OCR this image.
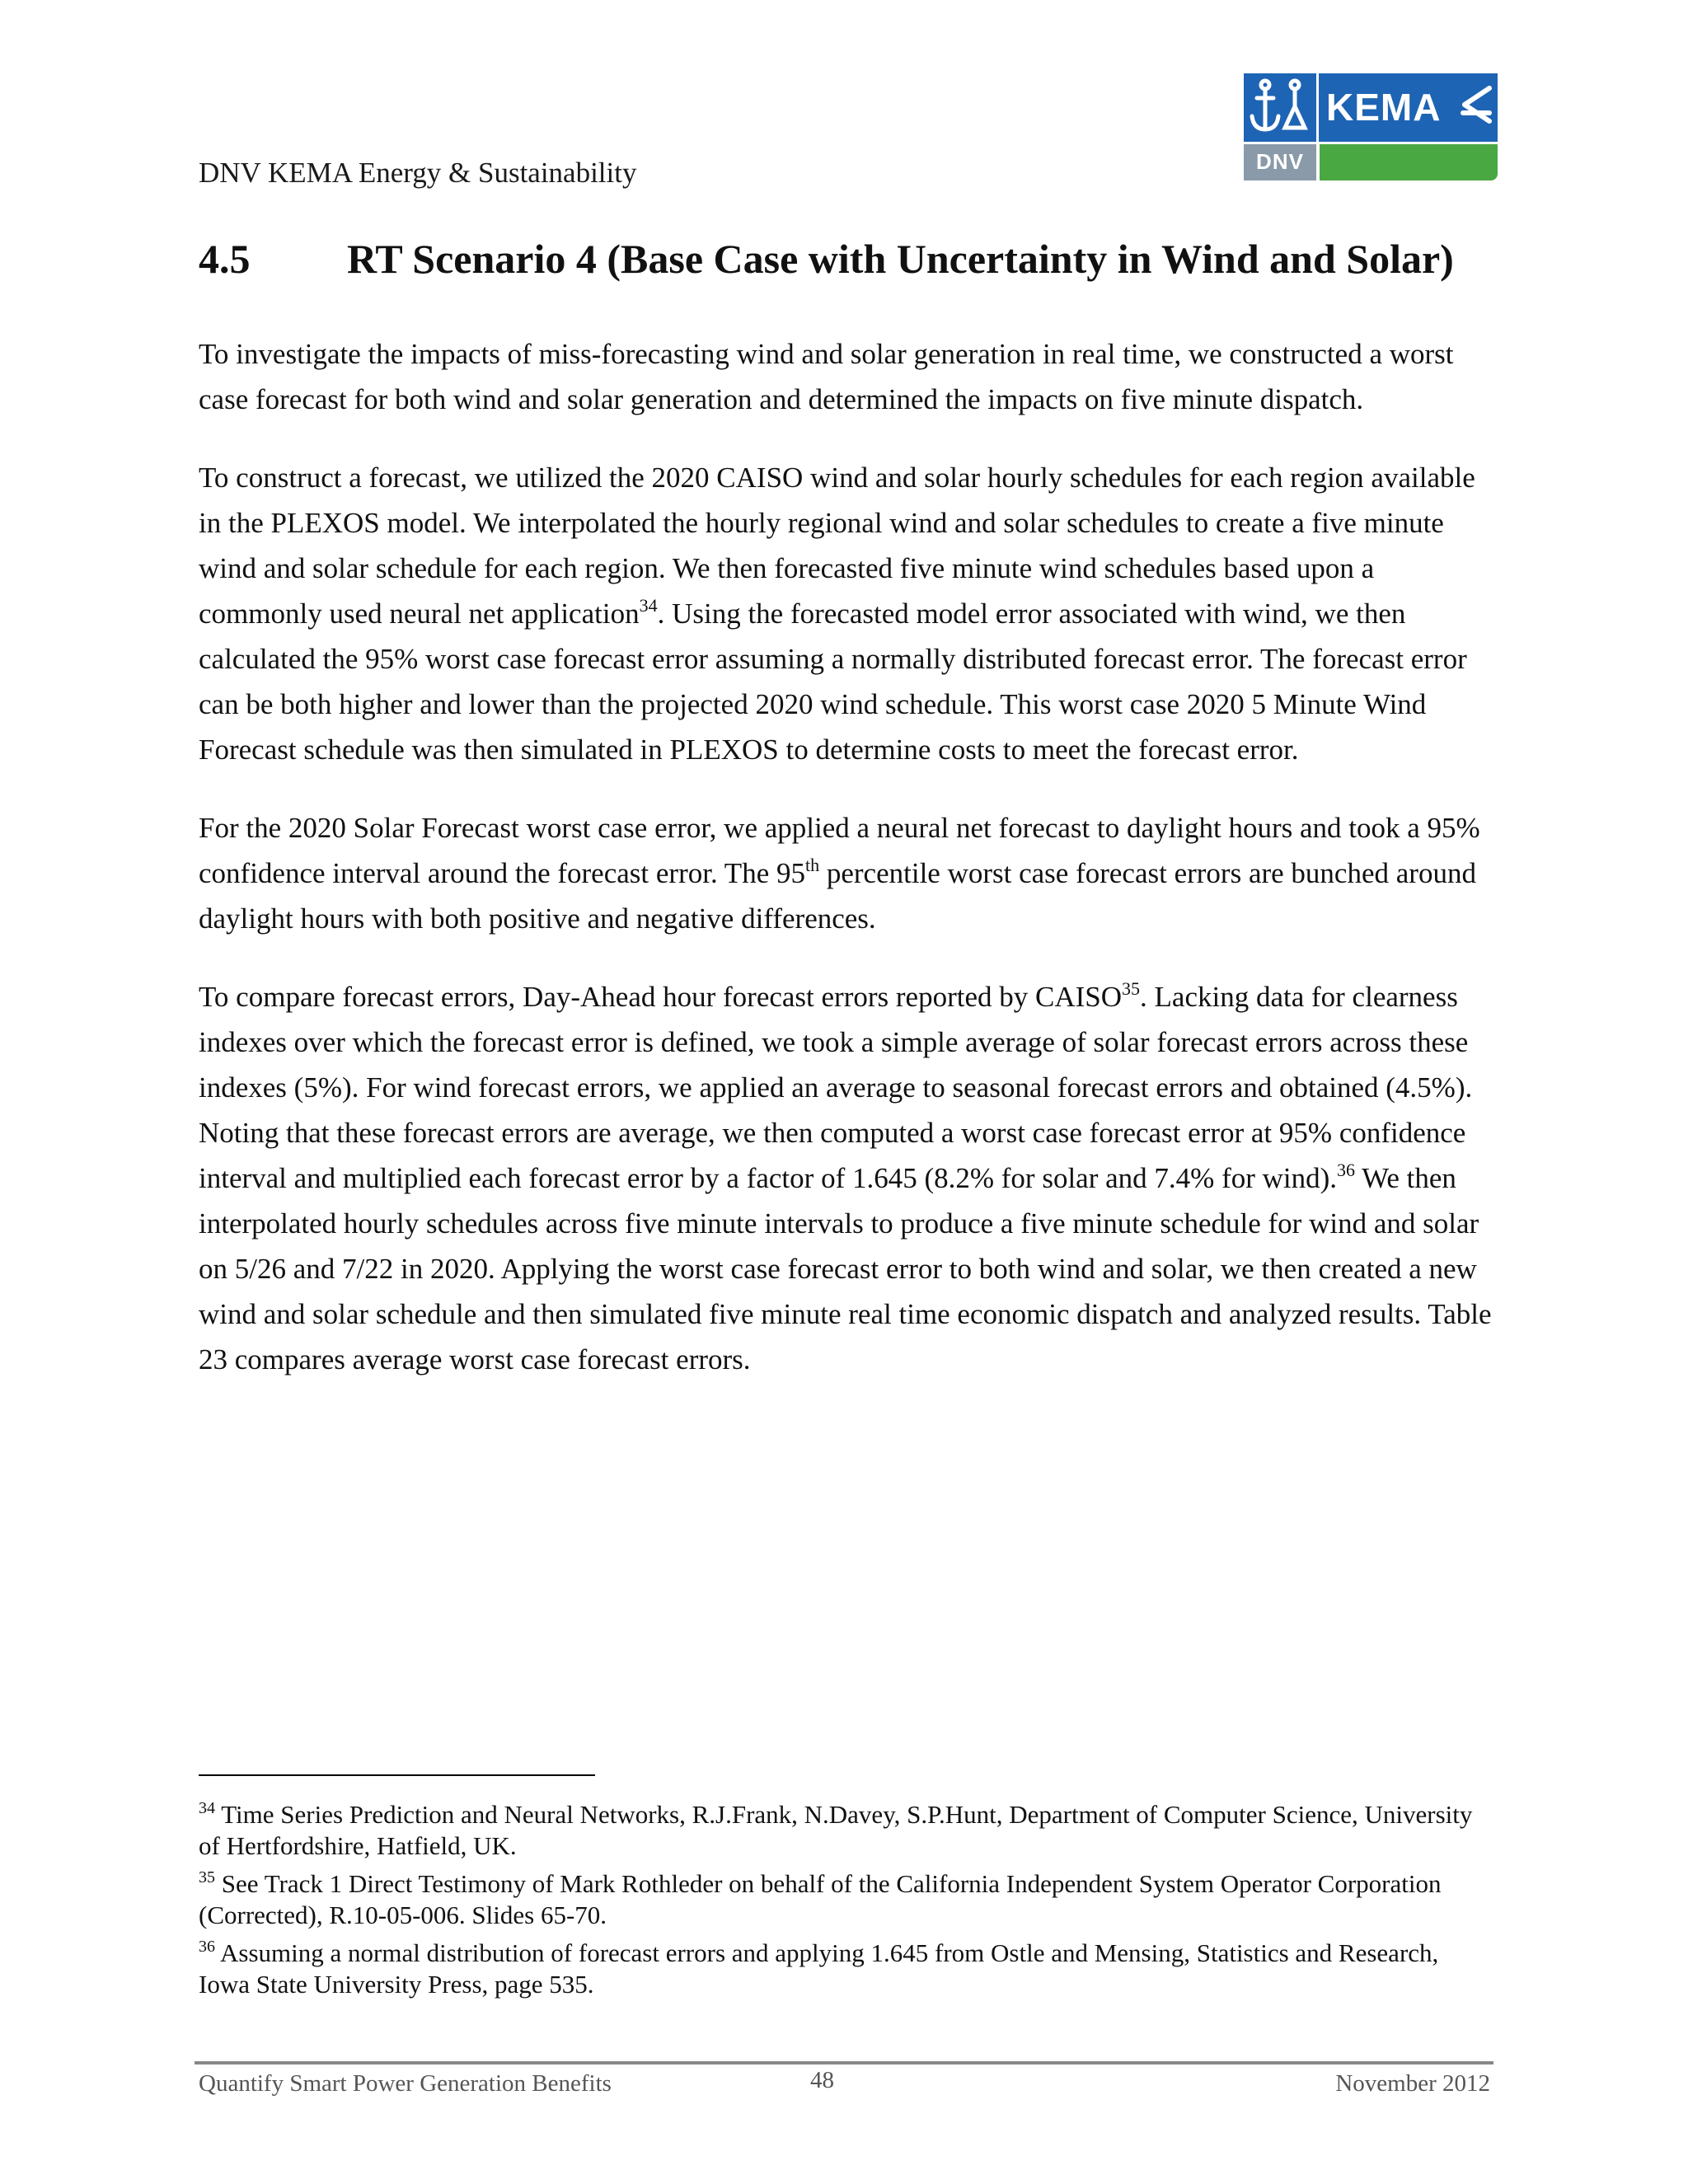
DNV KEMA Energy & Sustainability
KEMA
DNV
4.5 RT Scenario 4 (Base Case with Uncertainty in Wind and Solar)

To investigate the impacts of miss-forecasting wind and solar generation in real time, we constructed a worst case forecast for both wind and solar generation and determined the impacts on five minute dispatch.

To construct a forecast, we utilized the 2020 CAISO wind and solar hourly schedules for each region available in the PLEXOS model. We interpolated the hourly regional wind and solar schedules to create a five minute wind and solar schedule for each region. We then forecasted five minute wind schedules based upon a commonly used neural net application$^{34}$. Using the forecasted model error associated with wind, we then calculated the 95% worst case forecast error assuming a normally distributed forecast error. The forecast error can be both higher and lower than the projected 2020 wind schedule. This worst case 2020 5 Minute Wind Forecast schedule was then simulated in PLEXOS to determine costs to meet the forecast error.

For the 2020 Solar Forecast worst case error, we applied a neural net forecast to daylight hours and took a 95% confidence interval around the forecast error. The 95th percentile worst case forecast errors are bunched around daylight hours with both positive and negative differences.

To compare forecast errors, Day-Ahead hour forecast errors reported by CAISO$^{35}$. Lacking data for clearness indexes over which the forecast error is defined, we took a simple average of solar forecast errors across these indexes (5%). For wind forecast errors, we applied an average to seasonal forecast errors and obtained (4.5%). Noting that these forecast errors are average, we then computed a worst case forecast error at 95% confidence interval and multiplied each forecast error by a factor of 1.645 (8.2% for solar and 7.4% for wind).$^{36}$ We then interpolated hourly schedules across five minute intervals to produce a five minute schedule for wind and solar on 5/26 and 7/22 in 2020. Applying the worst case forecast error to both wind and solar, we then created a new wind and solar schedule and then simulated five minute real time economic dispatch and analyzed results. Table 23 compares average worst case forecast errors.

$^{34}$ Time Series Prediction and Neural Networks, R.J.Frank, N.Davey, S.P.Hunt, Department of Computer Science, University of Hertfordshire, Hatfield, UK.
$^{35}$ See Track 1 Direct Testimony of Mark Rothleder on behalf of the California Independent System Operator Corporation (Corrected), R.10-05-006. Slides 65-70.
$^{36}$ Assuming a normal distribution of forecast errors and applying 1.645 from Ostle and Mensing, Statistics and Research, Iowa State University Press, page 535.
Quantify Smart Power Generation Benefits	48	November 2012
